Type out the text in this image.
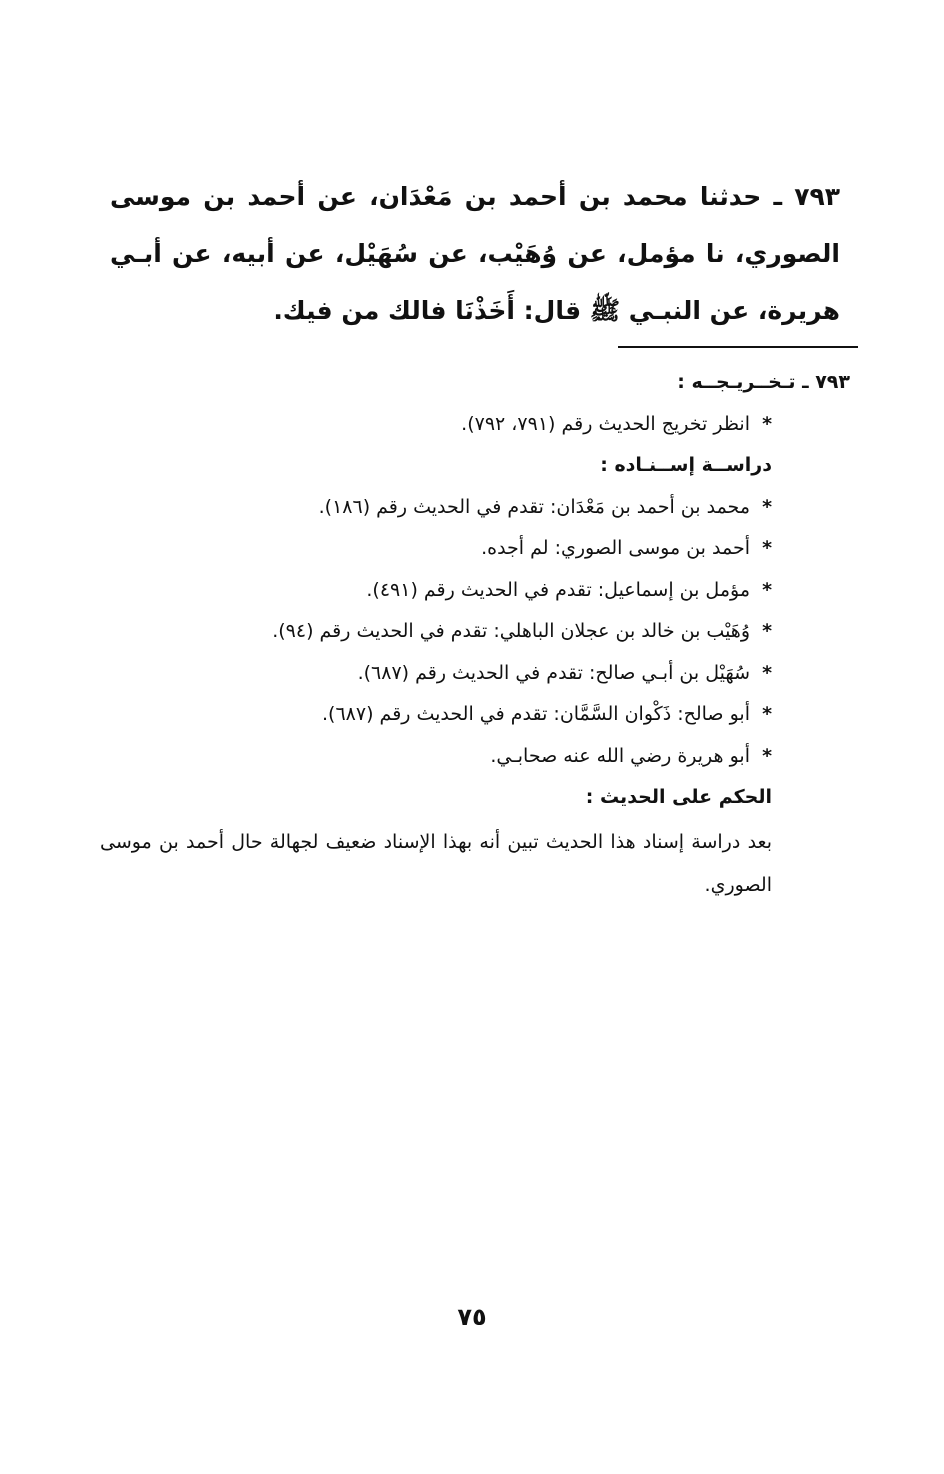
٧٩٣ ـ حدثنا محمد بن أحمد بن مَعْدَان، عن أحمد بن موسى الصوري، نا مؤمل، عن وُهَيْب، عن سُهَيْل، عن أبيه، عن أبـي هريرة، عن النبـي ﷺ قال: أَخَذْنَا فالك من فيك.
٧٩٣ ـ تـخــريـجــه :
*انظر تخريج الحديث رقم (٧٩١، ٧٩٢).
دراســة إســنـاده :
*محمد بن أحمد بن مَعْدَان: تقدم في الحديث رقم (١٨٦).
*أحمد بن موسى الصوري: لم أجده.
*مؤمل بن إسماعيل: تقدم في الحديث رقم (٤٩١).
*وُهَيْب بن خالد بن عجلان الباهلي: تقدم في الحديث رقم (٩٤).
*سُهَيْل بن أبـي صالح: تقدم في الحديث رقم (٦٨٧).
*أبو صالح: ذَكْوان السَّمَّان: تقدم في الحديث رقم (٦٨٧).
*أبو هريرة رضي الله عنه صحابـي.
الحكم على الحديث :
بعد دراسة إسناد هذا الحديث تبين أنه بهذا الإسناد ضعيف لجهالة حال أحمد بن موسى الصوري.
٧٥
